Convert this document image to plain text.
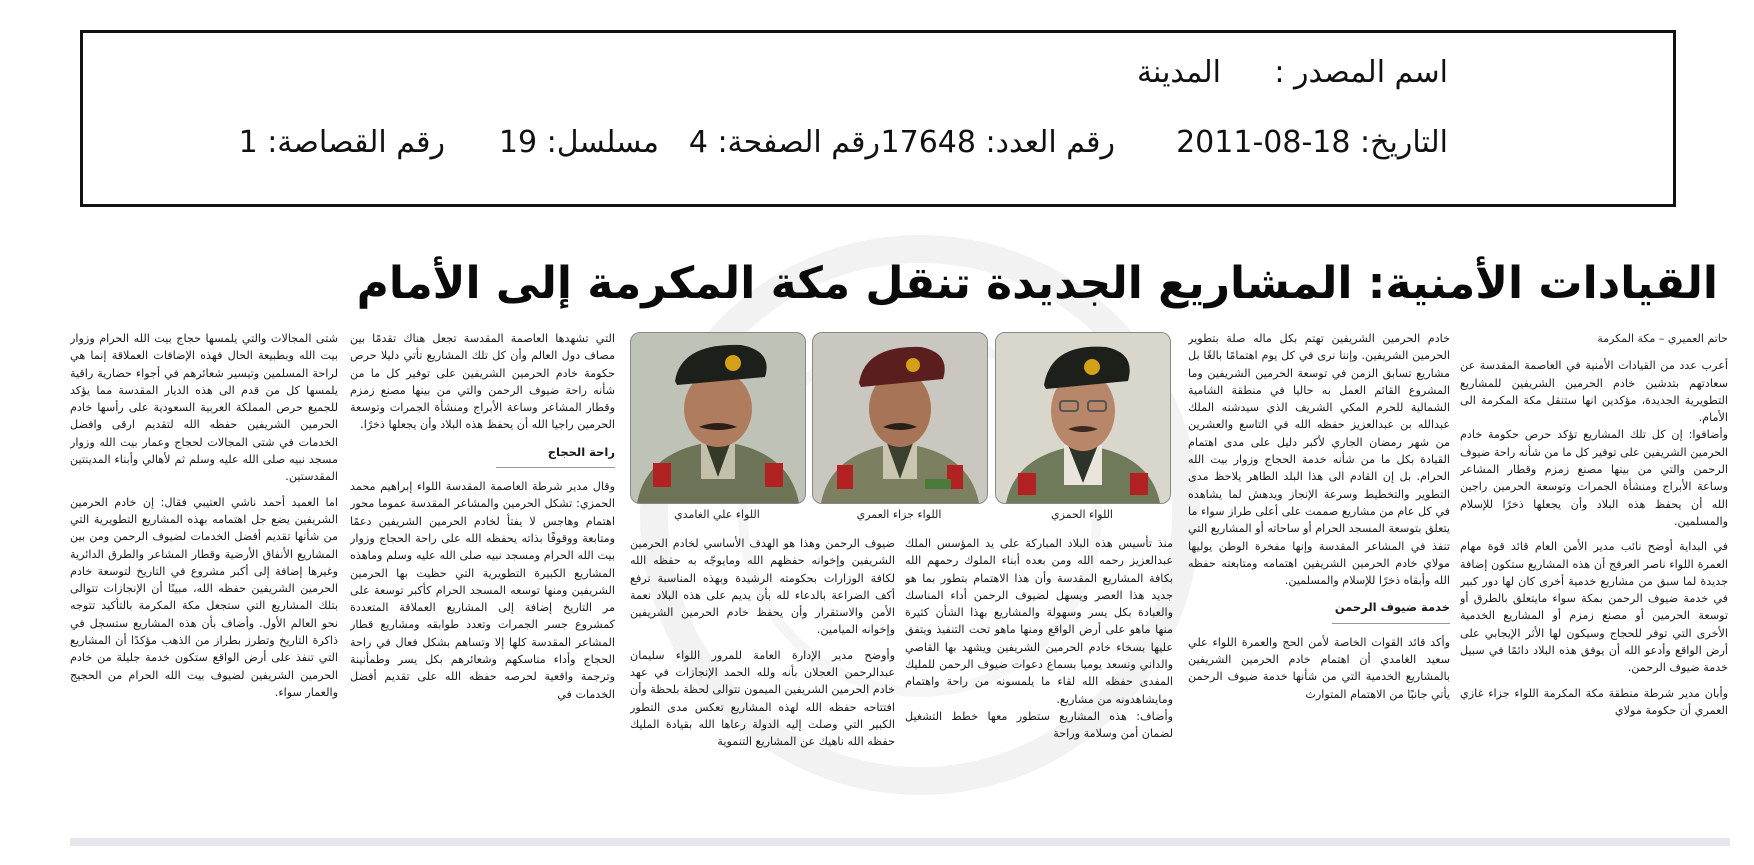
اسم المصدر :
المدينة
التاريخ: 18-08-2011
رقم العدد: 17648
رقم الصفحة: 4
مسلسل: 19
رقم القصاصة: 1
القيادات الأمنية: المشاريع الجديدة تنقل مكة المكرمة إلى الأمام

حاتم العميري – مكة المكرمة

أعرب عدد من القيادات الأمنية في العاصمة المقدسة عن سعادتهم بتدشين خادم الحرمين الشريفين للمشاريع التطويرية الجديدة، مؤكدين انها ستنقل مكة المكرمة الى الأمام.

وأضافوا: إن كل تلك المشاريع تؤكد حرص حكومة خادم الحرمين الشريفين على توفير كل ما من شأنه راحة ضيوف الرحمن والتي من بينها مصنع زمزم وقطار المشاعر وساعة الأبراج ومنشأة الجمرات وتوسعة الحرمين راجين الله أن يحفظ هذه البلاد وأن يجعلها ذخرًا للإسلام والمسلمين.

في البداية أوضح نائب مدير الأمن العام قائد قوة مهام العمرة اللواء ناصر العرفج أن هذه المشاريع ستكون إضافة جديدة لما سبق من مشاريع خدمية أخرى كان لها دور كبير في خدمة ضيوف الرحمن بمكة سواء مايتعلق بالطرق أو توسعة الحرمين أو مصنع زمزم أو المشاريع الخدمية الأخرى التي توفر للحجاج وسيكون لها الأثر الإيجابي على أرض الواقع وأدعو الله أن يوفق هذه البلاد دائمًا في سبيل خدمة ضيوف الرحمن.

وأبان مدير شرطة منطقة مكة المكرمة اللواء جزاء غازي العمري أن حكومة مولاي

خادم الحرمين الشريفين تهتم بكل ماله صلة بتطوير الحرمين الشريفين. وإننا نرى في كل يوم اهتمامًا بالغًا بل مشاريع تسابق الزمن في توسعة الحرمين الشريفين وما المشروع القائم العمل به حاليا في منطقة الشامية الشمالية للحرم المكي الشريف الذي سيدشنه الملك عبدالله بن عبدالعزيز حفظه الله في التاسع والعشرين من شهر رمضان الجاري لأكبر دليل على مدى اهتمام القيادة بكل ما من شأنه خدمة الحجاج وزوار بيت الله الحرام. بل إن القادم الى هذا البلد الطاهر يلاحظ مدى التطوير والتخطيط وسرعة الإنجاز ويدهش لما يشاهده في كل عام من مشاريع صممت على أعلى طراز سواء ما يتعلق بتوسعة المسجد الحرام أو ساحاته أو المشاريع التي تنفذ في المشاعر المقدسة وإنها مفخرة الوطن يوليها مولاي خادم الحرمين الشريفين اهتمامه ومتابعته حفظه الله وأبقاه ذخرًا للإسلام والمسلمين.

خدمة ضيوف الرحمن

وأكد قائد القوات الخاصة لأمن الحج والعمرة اللواء علي سعيد الغامدي أن اهتمام خادم الحرمين الشريفين بالمشاريع الخدمية التي من شأنها خدمة ضيوف الرحمن يأتي جانبًا من الاهتمام المتوارث

اللواء الحمزي
اللواء جزاء العمري
اللواء علي الغامدي

منذ تأسيس هذه البلاد المباركة على يد المؤسس الملك عبدالعزيز رحمه الله ومن بعده أبناء الملوك رحمهم الله بكافة المشاريع المقدسة وأن هذا الاهتمام بتطور بما هو جديد هذا العصر ويسهل لضيوف الرحمن أداء المناسك والعبادة بكل يسر وسهولة والمشاريع بهذا الشأن كثيرة منها ماهو على أرض الواقع ومنها ماهو تحت التنفيذ ويتفق عليها بسخاء خادم الحرمين الشريفين ويشهد بها القاصي والداني ونسعد يوميا بسماع دعوات ضيوف الرحمن للمليك المفدى حفظه الله لقاء ما يلمسونه من راحة واهتمام ومايشاهدونه من مشاريع.

وأضاف: هذه المشاريع ستطور معها خطط التشغيل لضمان أمن وسلامة وراحة

ضيوف الرحمن وهذا هو الهدف الأساسي لخادم الحرمين الشريفين وإخوانه حفظهم الله ومايوجّه به حفظه الله لكافة الوزارات بحكومته الرشيدة وبهذه المناسبة نرفع أكف الضراعة بالدعاء لله بأن يديم على هذه البلاد نعمة الأمن والاستقرار وأن يحفظ خادم الحرمين الشريفين وإخوانه الميامين.

وأوضح مدير الإدارة العامة للمرور اللواء سليمان عبدالرحمن العجلان بأنه ولله الحمد الإنجازات في عهد خادم الحرمين الشريفين الميمون تتوالى لحظة بلحظة وأن افتتاحه حفظه الله لهذه المشاريع تعكس مدى التطور الكبير التي وصلت إليه الدولة رعاها الله بقيادة المليك حفظه الله ناهيك عن المشاريع التنموية

التي تشهدها العاصمة المقدسة تجعل هناك تقدمًا بين مصاف دول العالم وأن كل تلك المشاريع تأتي دليلا حرص حكومة خادم الحرمين الشريفين على توفير كل ما من شأنه راحة ضيوف الرحمن والتي من بينها مصنع زمزم وقطار المشاعر وساعة الأبراج ومنشأة الجمرات وتوسعة الحرمين راجيا الله أن يحفظ هذه البلاد وأن يجعلها ذخرًا.

راحة الحجاج

وقال مدير شرطة العاصمة المقدسة اللواء إبراهيم محمد الحمزي: تشكل الحرمين والمشاعر المقدسة عموما محور اهتمام وهاجس لا يفتأ لخادم الحرمين الشريفين دعمًا ومتابعة ووقوفًا بذاته يحفظه الله على راحة الحجاج وزوار بيت الله الحرام ومسجد نبيه صلى الله عليه وسلم وماهذه المشاريع الكبيرة التطويرية التي حظيت بها الحرمين الشريفين ومنها توسعه المسجد الحرام كأكبر توسعة على مر التاريخ إضافة إلى المشاريع العملاقة المتعددة كمشروع جسر الجمرات وتعدد طوابقه ومشاريع قطار المشاعر المقدسة كلها إلا وتساهم بشكل فعال في راحة الحجاج وأداء مناسكهم وشعائرهم بكل يسر وطمأنينة وترجمة واقعية لحرصه حفظه الله على تقديم أفضل الخدمات في

شتى المجالات والتي يلمسها حجاج بيت الله الحرام وزوار بيت الله وبطبيعة الحال فهذه الإضافات العملاقة إنما هي لراحة المسلمين وتيسير شعائرهم في أجواء حضارية راقية يلمسها كل من قدم الى هذه الديار المقدسة مما يؤكد للجميع حرص المملكة العربية السعودية على رأسها خادم الحرمين الشريفين حفظه الله لتقديم ارقى وافضل الخدمات في شتى المجالات لحجاج وعمار بيت الله وزوار مسجد نبيه صلى الله عليه وسلم ثم لأهالي وأبناء المدينتين المقدستين.

اما العميد أحمد ناشي العتيبي فقال: إن خادم الحرمين الشريفين يضع جل اهتمامه بهذه المشاريع التطويرية التي من شأنها تقديم أفضل الخدمات لضيوف الرحمن ومن بين المشاريع الأنفاق الأرضية وقطار المشاعر والطرق الدائرية وغيرها إضافة إلى أكبر مشروع في التاريخ لتوسعة خادم الحرمين الشريفين حفظه الله، مبينًا أن الإنجازات تتوالى بتلك المشاريع التي ستجعل مكة المكرمة بالتأكيد تتوجه نحو العالم الأول. وأضاف بأن هذه المشاريع ستسجل في ذاكرة التاريخ وتطرز بطراز من الذهب مؤكدًا أن المشاريع التي تنفذ على أرض الواقع ستكون خدمة جليلة من خادم الحرمين الشريفين لضيوف بيت الله الحرام من الحجيج والعمار سواء.
